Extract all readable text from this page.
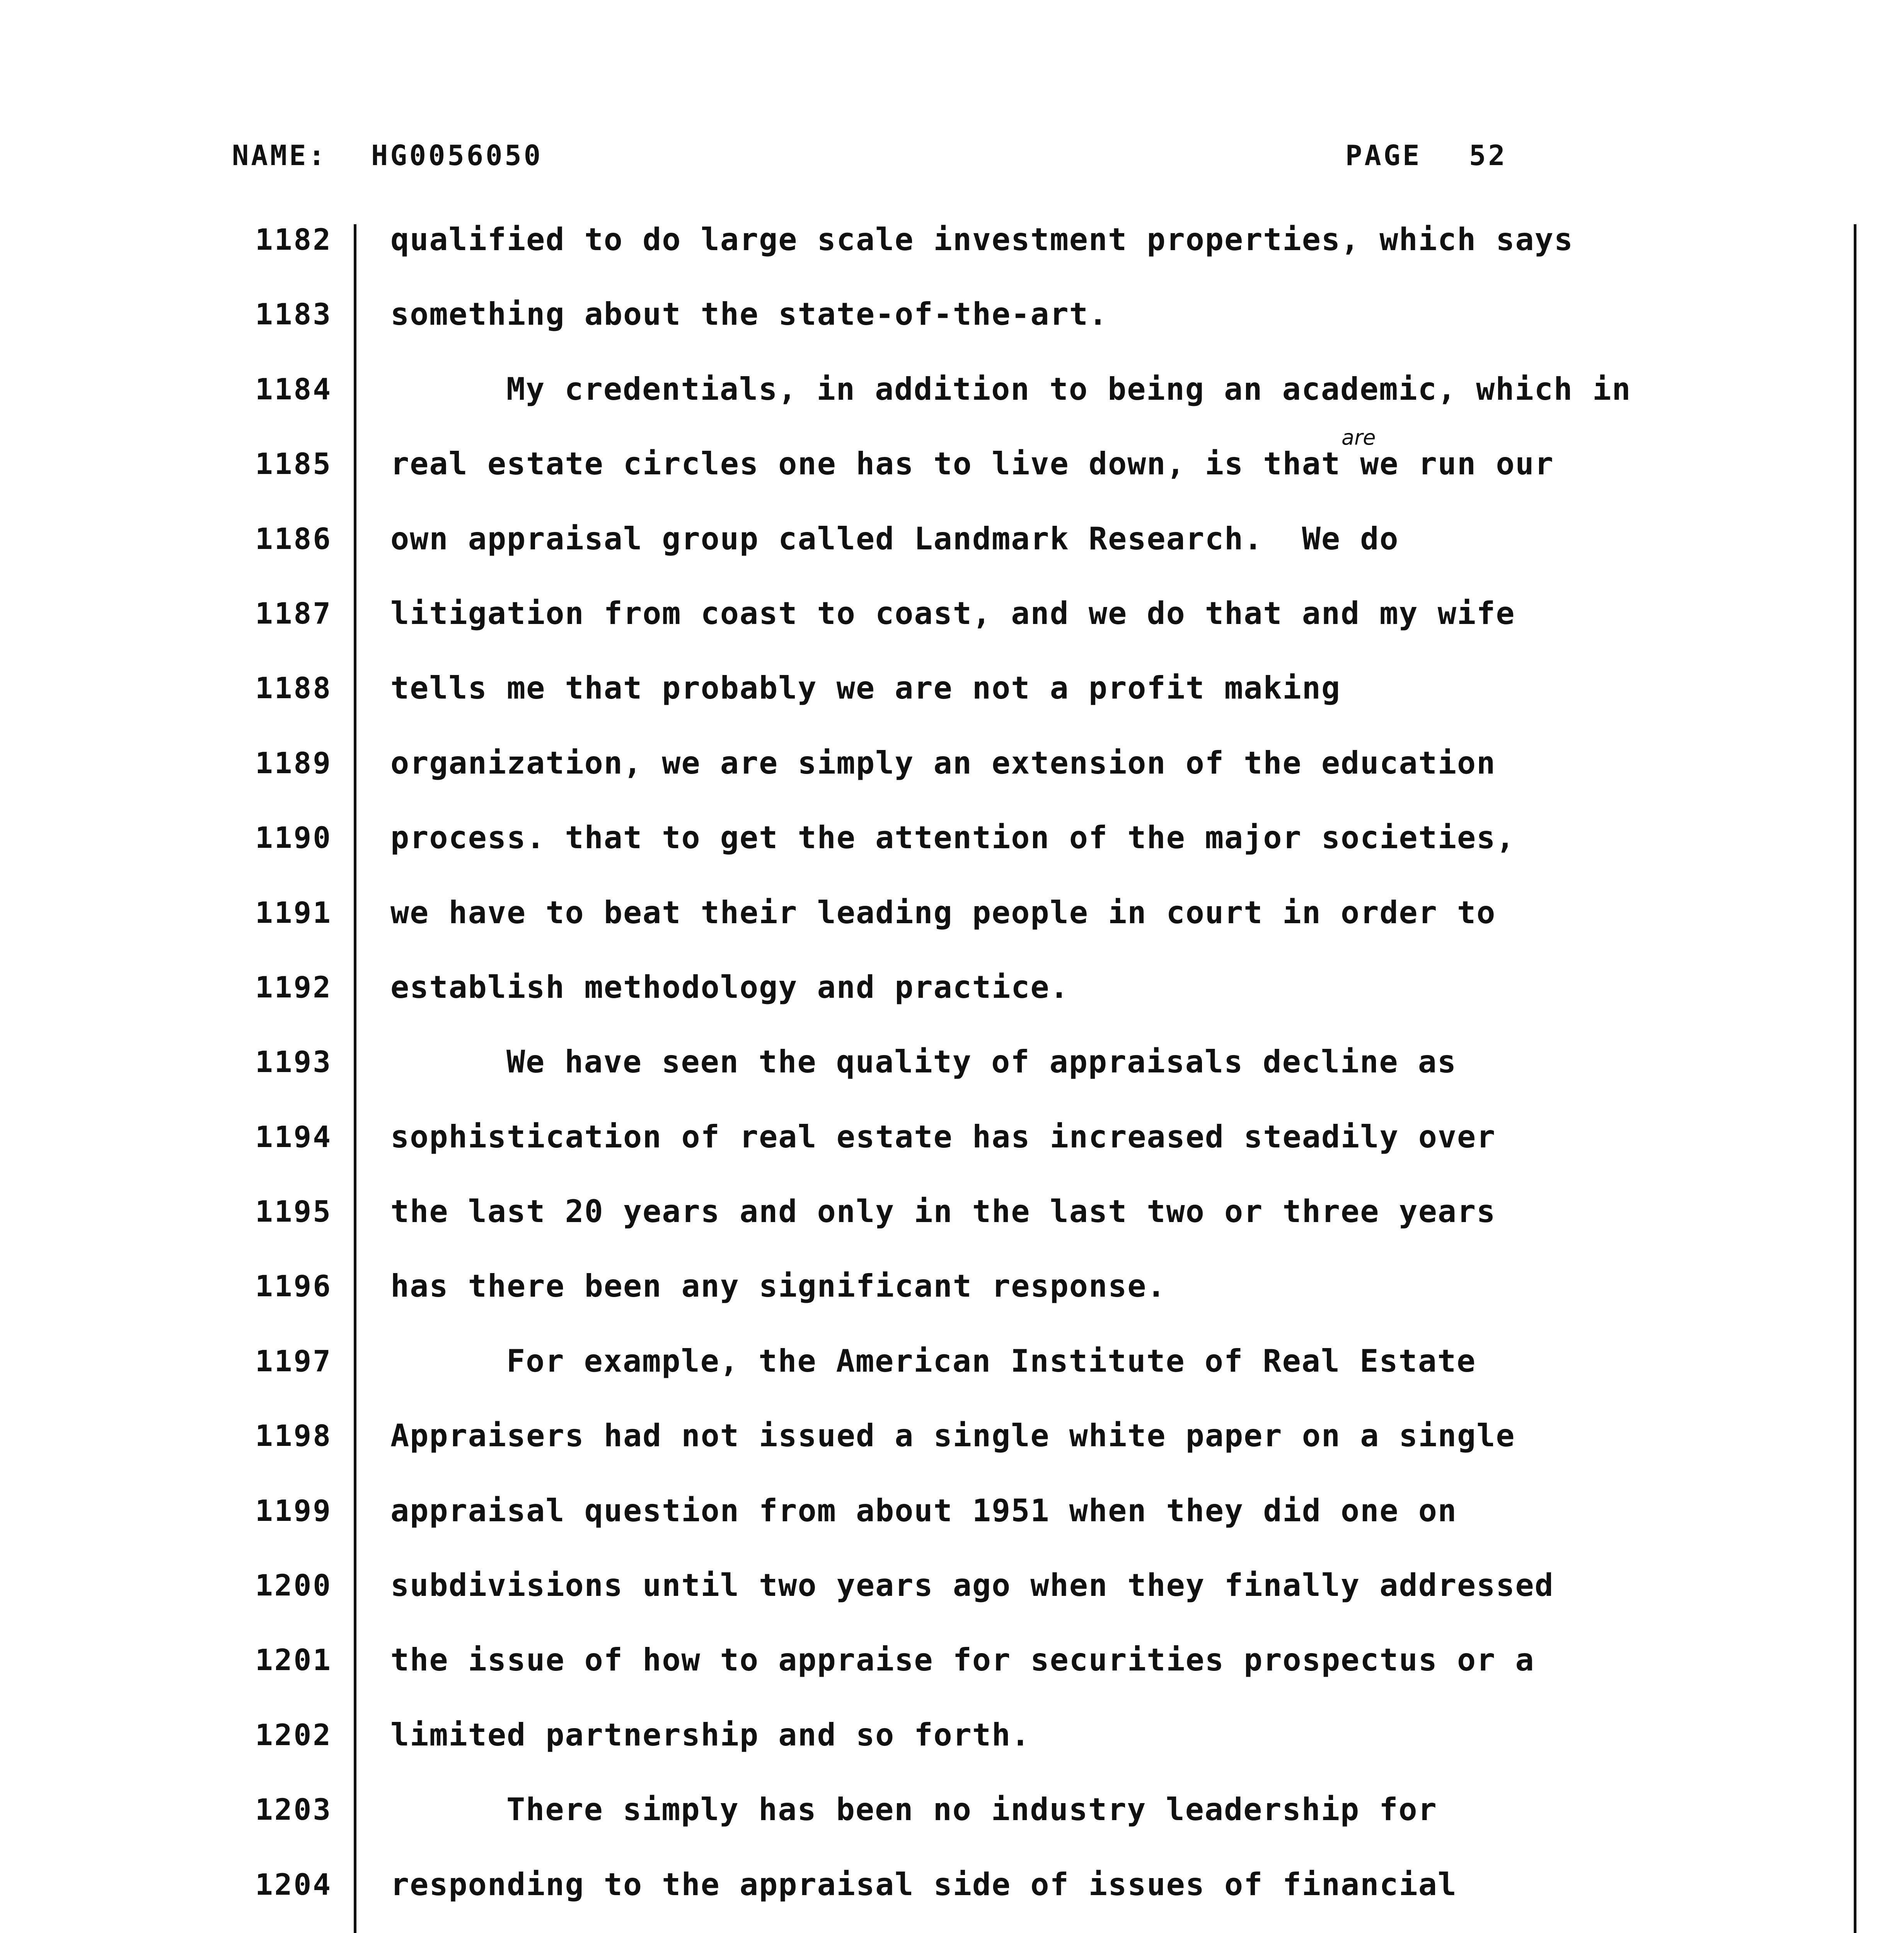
NAME: HG0056050	PAGE 52
1182	qualified to do large scale investment properties, which says
1183	something about the state-of-the-art.
1184	My credentials, in addition to being an academic, which in
1185	real estate circles one has to live down, is that we run our
are
1186	own appraisal group called Landmark Research.  We do
1187	litigation from coast to coast, and we do that and my wife
1188	tells me that probably we are not a profit making
1189	organization, we are simply an extension of the education
1190	process. that to get the attention of the major societies,
1191	we have to beat their leading people in court in order to
1192	establish methodology and practice.
1193	We have seen the quality of appraisals decline as
1194	sophistication of real estate has increased steadily over
1195	the last 20 years and only in the last two or three years
1196	has there been any significant response.
1197	For example, the American Institute of Real Estate
1198	Appraisers had not issued a single white paper on a single
1199	appraisal question from about 1951 when they did one on
1200	subdivisions until two years ago when they finally addressed
1201	the issue of how to appraise for securities prospectus or a
1202	limited partnership and so forth.
1203	There simply has been no industry leadership for
1204	responding to the appraisal side of issues of financial
